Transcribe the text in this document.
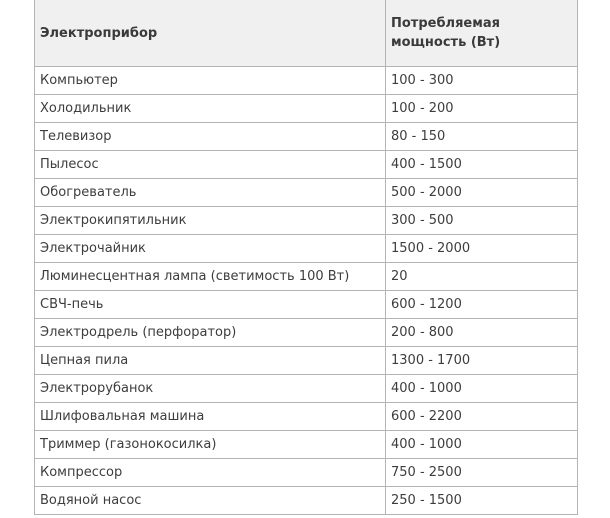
Электроприбор	Потребляемая
мощность (Вт)

Компьютер	100 - 300
Холодильник	100 - 200
Телевизор	80 - 150
Пылесос	400 - 1500
Обогреватель	500 - 2000
Электрокипятильник	300 - 500
Электрочайник	1500 - 2000
Люминесцентная лампа (светимость 100 Вт)	20
СВЧ-печь	600 - 1200
Электродрель (перфоратор)	200 - 800
Цепная пила	1300 - 1700
Электрорубанок	400 - 1000
Шлифовальная машина	600 - 2200
Триммер (газонокосилка)	400 - 1000
Компрессор	750 - 2500
Водяной насос	250 - 1500
